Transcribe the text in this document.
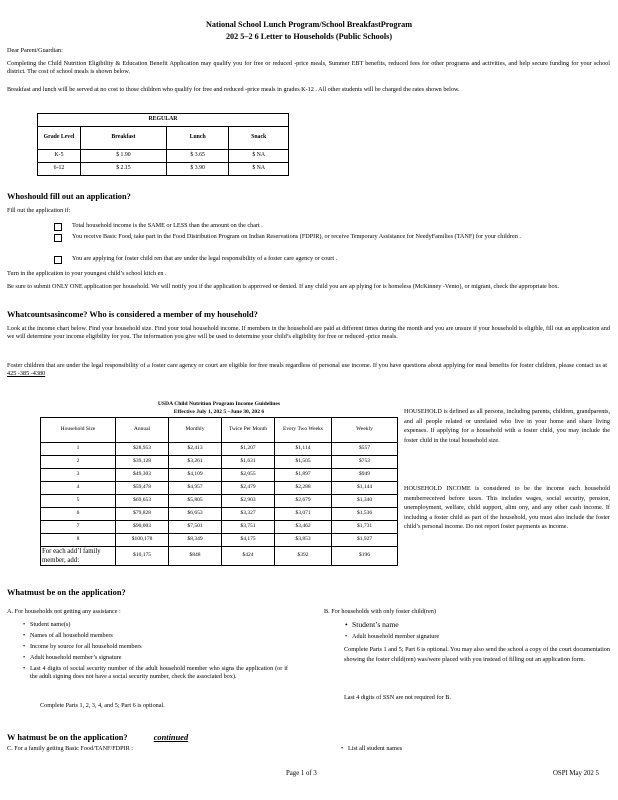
National School Lunch Program/School BreakfastProgram
202 5–2 6 Letter to Households (Public Schools)
Dear Parent/Guardian:
Completing the Child Nutrition Eligibility & Education Benefit Application may qualify you for free or reduced -price meals, Summer EBT benefits, reduced fees for other programs and activities, and help secure funding for your school district. The cost of school meals is shown below.
Breakfast and lunch will be served at no cost to those children who qualify for free and reduced -price meals in grades K-12 . All other students will be charged the rates shown below.
REGULAR			
Grade Level	Breakfast	Lunch	Snack
K-5	$ 1.90	$ 3.65	$ NA
6-12	$ 2.15	$ 3.90	$ NA
Whoshould fill out an application?
Fill out the application if:
Total household income is the SAME or LESS than the amount on the chart .
You receive Basic Food, take part in the Food Distribution Program on Indian Reservations (FDPIR), or receive Temporary Assistance for NeedyFamilies (TANF) for your children .
You are applying for foster child ren that are under the legal responsibility of a foster care agency or court .
Turn in the application to your youngest child’s school kitch en .
Be sure to submit ONLY ONE application per household. We will notify you if the application is approved or denied. If any child you are ap plying for is homeless (McKinney -Vento), or migrant, check the appropriate box.
Whatcountsasincome? Who is considered a member of my household?
Look at the income chart below. Find your household size. Find your total household income. If members in the household are paid at different times during the month and you are unsure if your household is eligible, fill out an application and we will determine your income eligibility for you. The information you give will be used to determine your child’s eligibility for free or reduced -price meals.
Foster children that are under the legal responsibility of a foster care agency or court are eligible for free meals regardless of personal use income. If you have questions about applying for meal benefits for foster children, please contact us at 425 -385 -4380
USDA Child Nutrition Program Income Guidelines
Effective July 1, 202 5 –June 30, 202 6					

Household Size	Annual	Monthly	Twice Per Month	Every Two Weeks	Weekly
1	$28,953	$2,413	$1,207	$1,114	$557
2	$39,128	$3,261	$1,631	$1,505	$753
3	$49,303	$4,109	$2,055	$1,897	$949
4	$59,478	$4,957	$2,479	$2,288	$1,144
5	$69,653	$5,805	$2,903	$2,679	$1,340
6	$79,828	$6,653	$3,327	$3,071	$1,536
7	$90,003	$7,501	$3,751	$3,462	$1,731
8	$100,178	$8,349	$4,175	$3,853	$1,927
For each add’l family member, add:	$10,175	$848	$424	$392	$196
HOUSEHOLD is defined as all persons, including parents, children, grandparents, and all people related or unrelated who live in your home and share living expenses. If applying for a household with a foster child, you may include the foster child in the total household size.
HOUSEHOLD INCOME is considered to be the income each household memberreceived before taxes. This includes wages, social security, pension, unemployment, welfare, child support, alim ony, and any other cash income. If including a foster child as part of the household, you must also include the foster child’s personal income. Do not report foster payments as income.
Whatmust be on the application?
A. For households not getting any assistance :
• Student name(s)
• Names of all household members
• Income by source for all household members
• Adult household member’s signature
• Last 4 digits of social security number of the adult household member who signs the application (or if the adult signing does not have a social security number, check the associated box).
Complete Parts 1, 2, 3, 4, and 5; Part 6 is optional.
B. For households with only foster child(ren)
• Student’s name
• Adult household member signature
Complete Parts 1 and 5; Part 6 is optional. You may also send the school a copy of the court documentation showing the foster child(ren) was/were placed with you instead of filling out an application form.
Last 4 digits of SSN are not required for B.
W hatmust be on the application?	continued
C. For a family getting Basic Food/TANF/FDPIR :	• List all student names
Page 1 of 3	OSPI May 202 5
